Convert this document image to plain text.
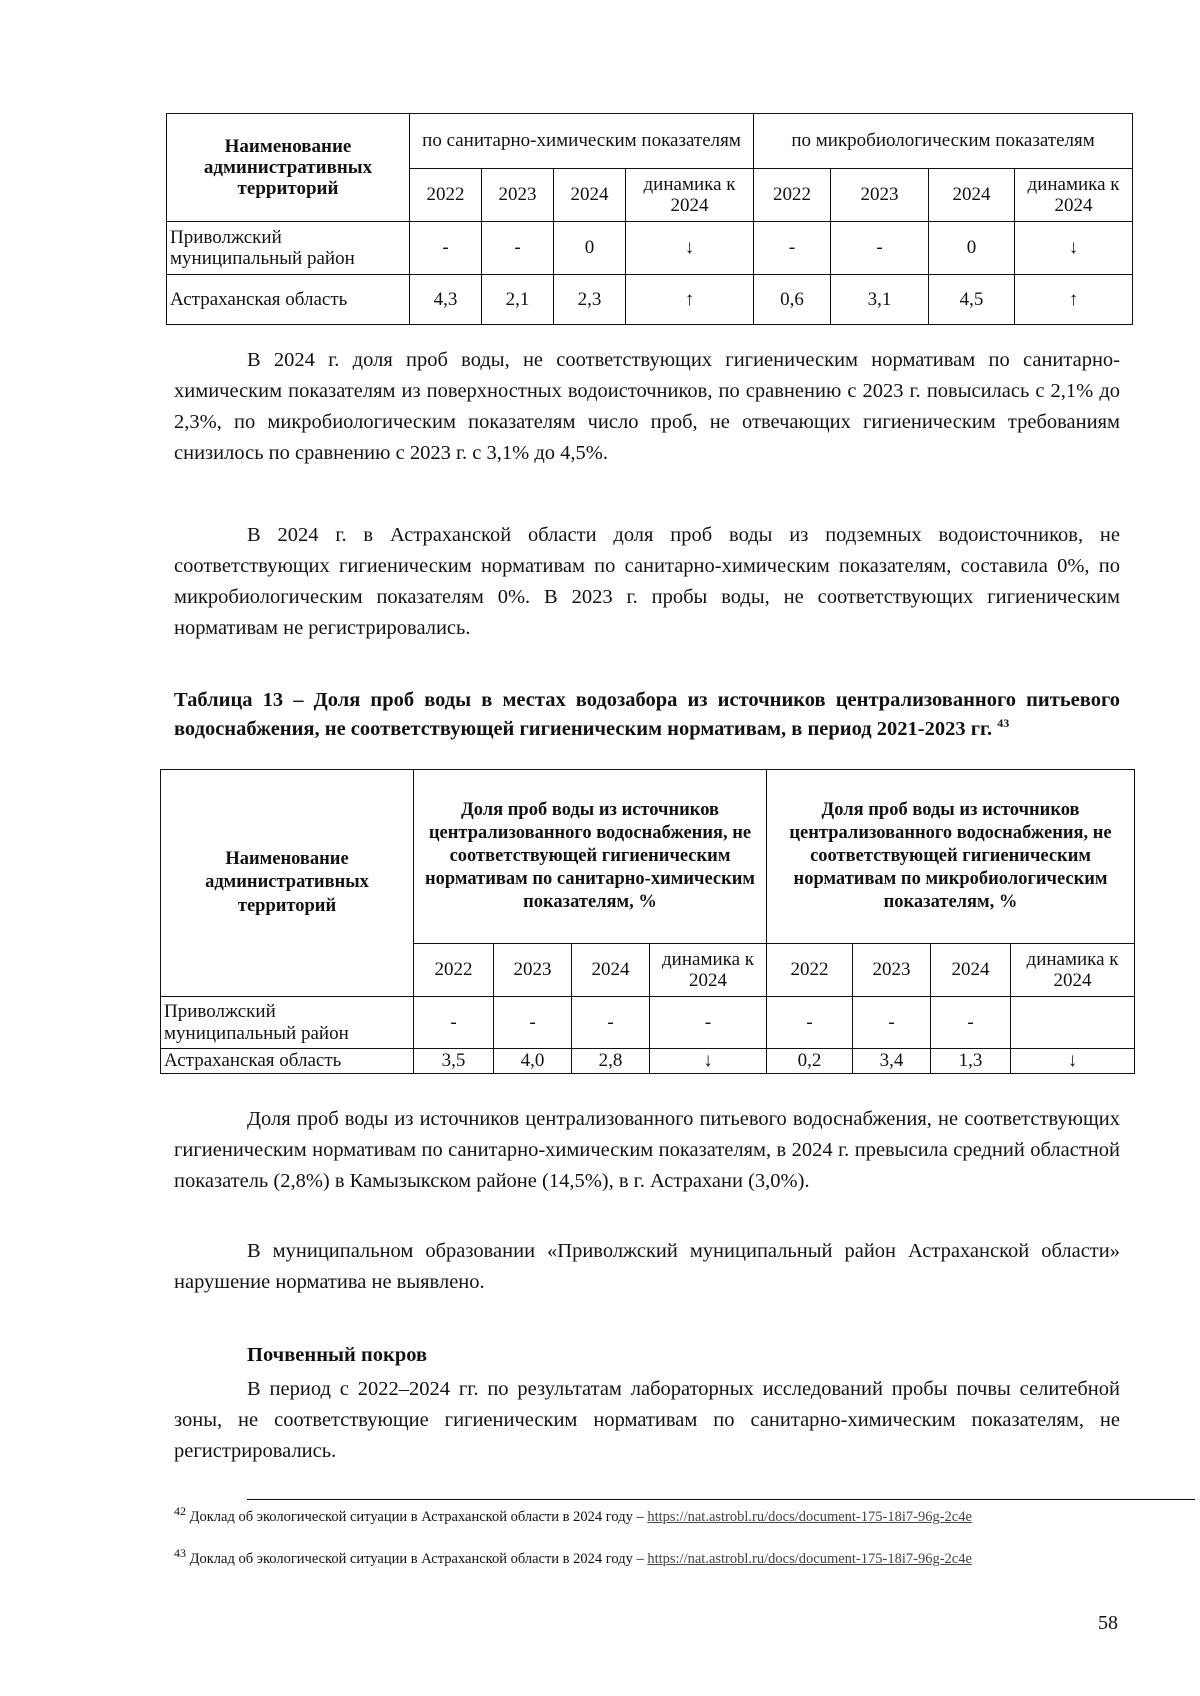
Наименование административных территорий	по санитарно-химическим показателям				по микробиологическим показателям			
	2022	2023	2024	динамика к 2024	2022	2023	2024	динамика к 2024
Приволжский муниципальный район	-	-	0	↓	-	-	0	↓
Астраханская область	4,3	2,1	2,3	↑	0,6	3,1	4,5	↑

В 2024 г. доля проб воды, не соответствующих гигиеническим нормативам по санитарно-химическим показателям из поверхностных водоисточников, по сравнению с 2023 г. повысилась с 2,1% до 2,3%, по микробиологическим показателям число проб, не отвечающих гигиеническим требованиям снизилось по сравнению с 2023 г. с 3,1% до 4,5%.

В 2024 г. в Астраханской области доля проб воды из подземных водоисточников, не соответствующих гигиеническим нормативам по санитарно-химическим показателям, составила 0%, по микробиологическим показателям 0%. В 2023 г. пробы воды, не соответствующих гигиеническим нормативам не регистрировались.

Таблица 13 – Доля проб воды в местах водозабора из источников централизованного питьевого водоснабжения, не соответствующей гигиеническим нормативам, в период 2021-2023 гг. $^{43}$
Наименование административных территорий	Доля проб воды из источников централизованного водоснабжения, не соответствующей гигиеническим нормативам по санитарно-химическим показателям, %				Доля проб воды из источников централизованного водоснабжения, не соответствующей гигиеническим нормативам по микробиологическим показателям, %			
	2022	2023	2024	динамика к 2024	2022	2023	2024	динамика к 2024
Приволжский муниципальный район	-	-	-	-	-	-	-	
Астраханская область	3,5	4,0	2,8	↓	0,2	3,4	1,3	↓

Доля проб воды из источников централизованного питьевого водоснабжения, не соответствующих гигиеническим нормативам по санитарно-химическим показателям, в 2024 г. превысила средний областной показатель (2,8%) в Камызыкском районе (14,5%), в г. Астрахани (3,0%).

В муниципальном образовании «Приволжский муниципальный район Астраханской области» нарушение норматива не выявлено.

Почвенный покров

В период с 2022–2024 гг. по результатам лабораторных исследований пробы почвы селитебной зоны, не соответствующие гигиеническим нормативам по санитарно-химическим показателям, не регистрировались.

$^{42}$ Доклад об экологической ситуации в Астраханской области в 2024 году – https://nat.astrobl.ru/docs/document-175-18i7-96g-2c4e
$^{43}$ Доклад об экологической ситуации в Астраханской области в 2024 году – https://nat.astrobl.ru/docs/document-175-18i7-96g-2c4e
58
